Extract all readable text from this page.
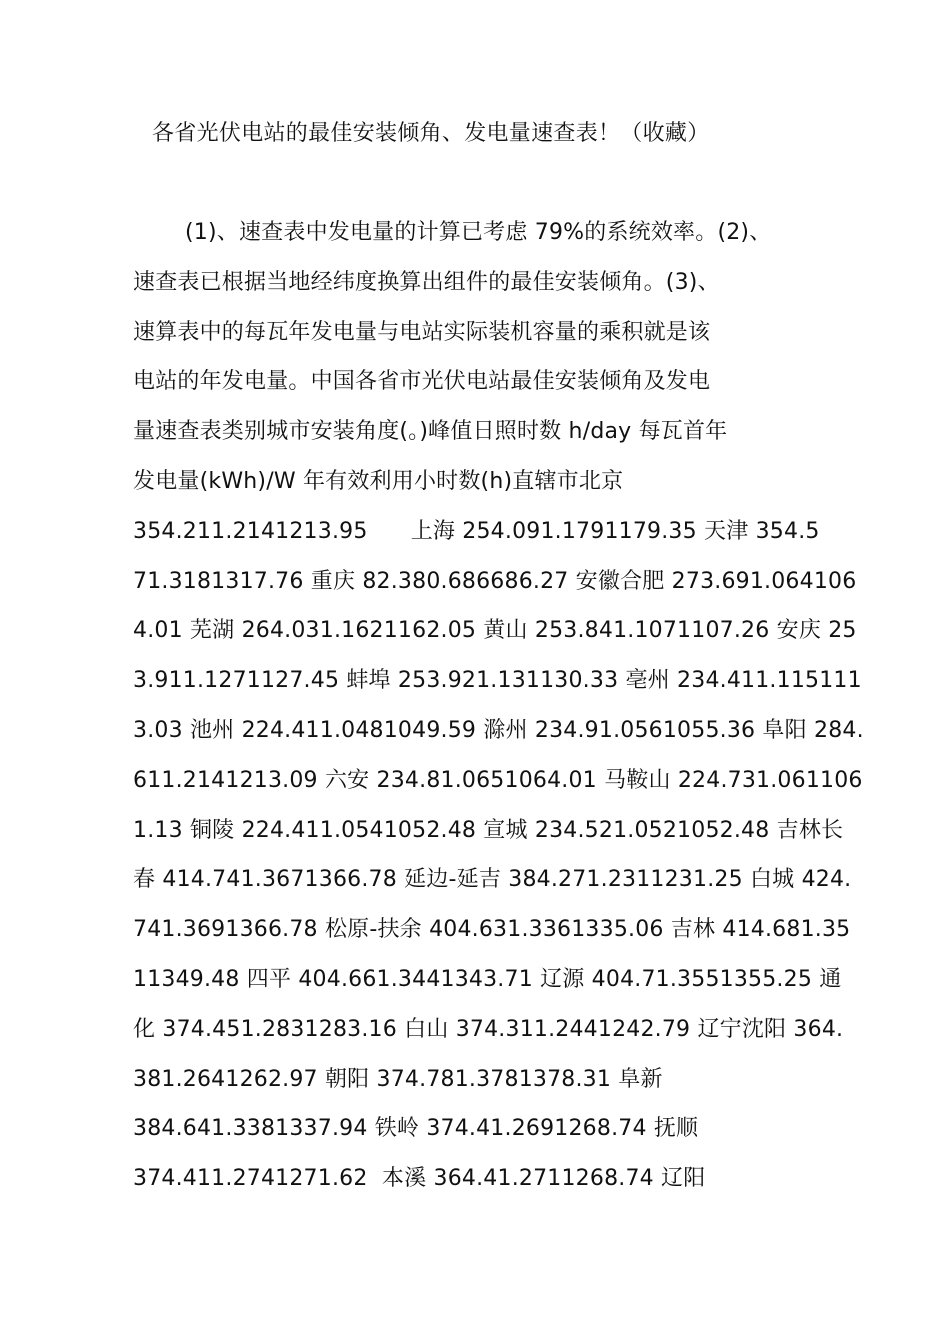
各省光伏电站的最佳安装倾角、发电量速查表！（收藏）
(1)、速查表中发电量的计算已考虑 79%的系统效率。(2)、
速查表已根据当地经纬度换算出组件的最佳安装倾角。(3)、
速算表中的每瓦年发电量与电站实际装机容量的乘积就是该
电站的年发电量。中国各省市光伏电站最佳安装倾角及发电
量速查表类别城市安装角度(。)峰值日照时数 h/day 每瓦首年
发电量(kWh)/W 年有效利用小时数(h)直辖市北京
354.211.2141213.95      上海 254.091.1791179.35 天津 354.5
71.3181317.76 重庆 82.380.686686.27 安徽合肥 273.691.064106
4.01 芜湖 264.031.1621162.05 黄山 253.841.1071107.26 安庆 25
3.911.1271127.45 蚌埠 253.921.131130.33 亳州 234.411.115111
3.03 池州 224.411.0481049.59 滁州 234.91.0561055.36 阜阳 284.
611.2141213.09 六安 234.81.0651064.01 马鞍山 224.731.061106
1.13 铜陵 224.411.0541052.48 宣城 234.521.0521052.48 吉林长
春 414.741.3671366.78 延边-延吉 384.271.2311231.25 白城 424.
741.3691366.78 松原-扶余 404.631.3361335.06 吉林 414.681.35
11349.48 四平 404.661.3441343.71 辽源 404.71.3551355.25 通
化 374.451.2831283.16 白山 374.311.2441242.79 辽宁沈阳 364.
381.2641262.97 朝阳 374.781.3781378.31 阜新
384.641.3381337.94 铁岭 374.41.2691268.74 抚顺
374.411.2741271.62  本溪 364.41.2711268.74 辽阳
